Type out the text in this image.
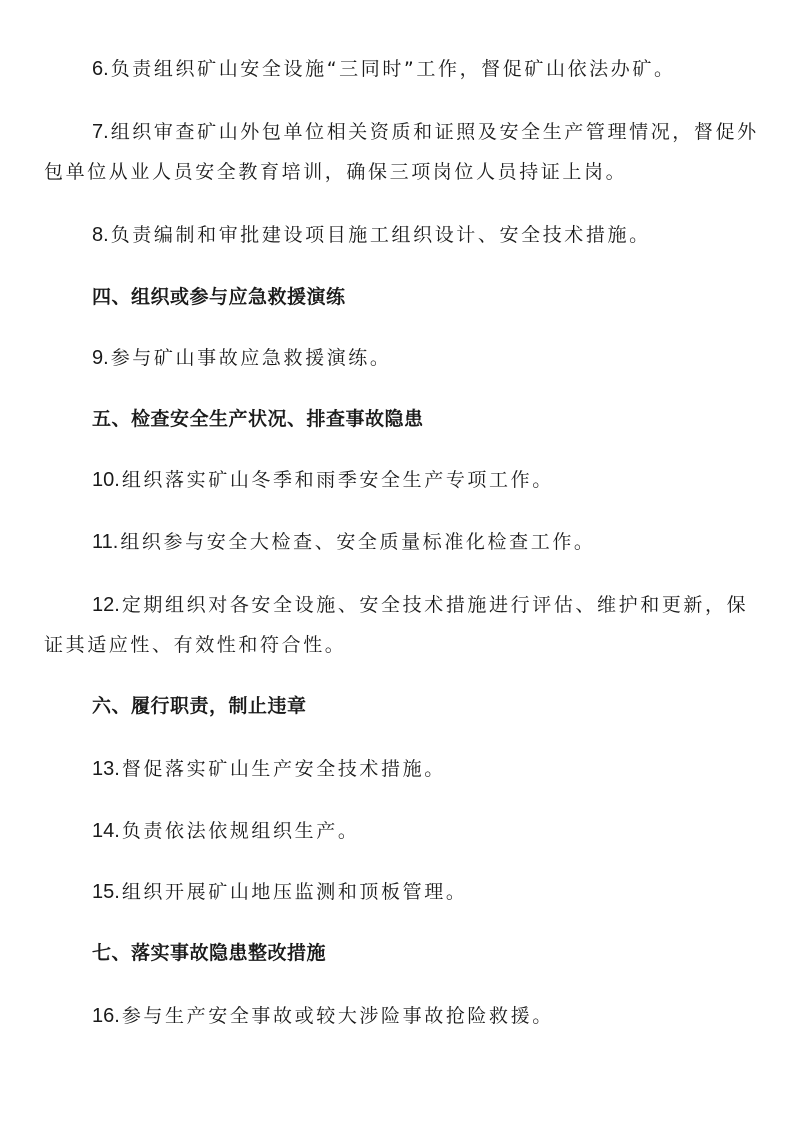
6. 负责组织矿山安全设施“三同时”工作，督促矿山依法办矿。
7. 组织审查矿山外包单位相关资质和证照及安全生产管理情况，督促外
包单位从业人员安全教育培训，确保三项岗位人员持证上岗。
8. 负责编制和审批建设项目施工组织设计、安全技术措施。
四、组织或参与应急救援演练
9. 参与矿山事故应急救援演练。
五、检查安全生产状况、排查事故隐患
10. 组织落实矿山冬季和雨季安全生产专项工作。
11. 组织参与安全大检查、安全质量标准化检查工作。
12. 定期组织对各安全设施、安全技术措施进行评估、维护和更新，保
证其适应性、有效性和符合性。
六、履行职责，制止违章
13. 督促落实矿山生产安全技术措施。
14. 负责依法依规组织生产。
15. 组织开展矿山地压监测和顶板管理。
七、落实事故隐患整改措施
16. 参与生产安全事故或较大涉险事故抢险救援。
